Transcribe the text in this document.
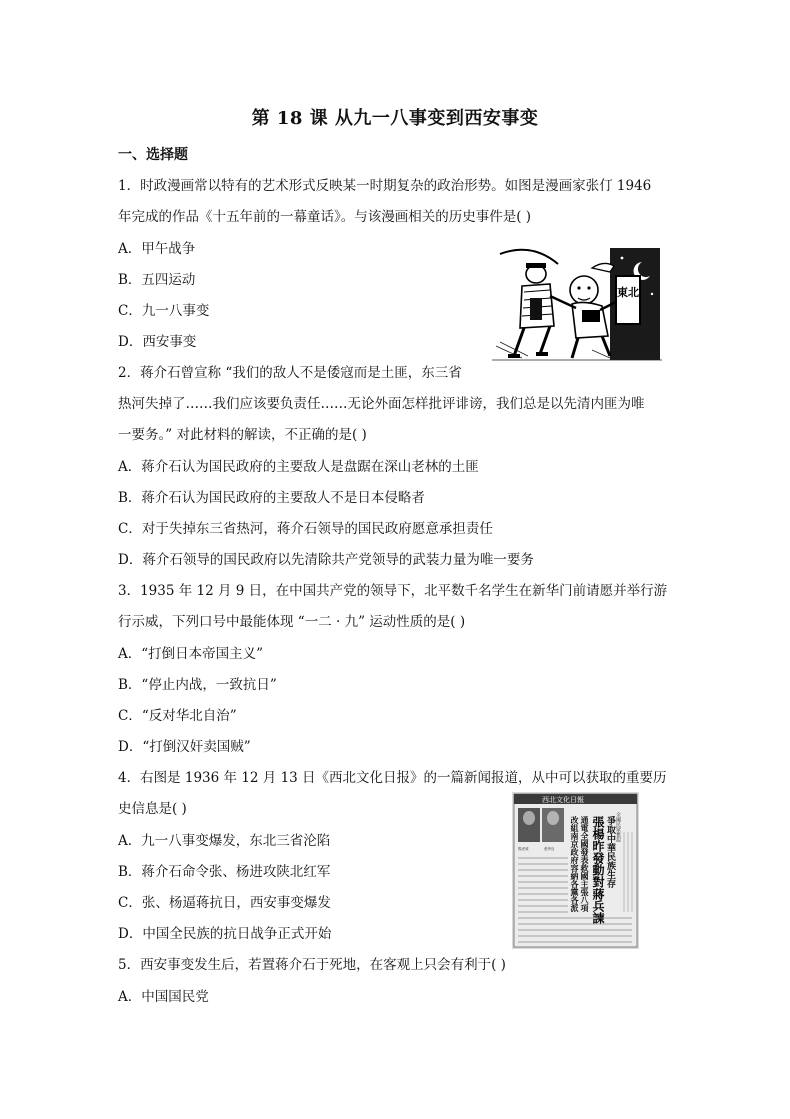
第 18 课 从九一八事变到西安事变
一、选择题
1．时政漫画常以特有的艺术形式反映某一时期复杂的政治形势。如图是漫画家张仃 1946
年完成的作品《十五年前的一幕童话》。与该漫画相关的历史事件是( )
A．甲午战争
B．五四运动
C．九一八事变
D．西安事变
東北
2．蒋介石曾宣称 “我们的敌人不是倭寇而是土匪，东三省
热河失掉了……我们应该要负责任……无论外面怎样批评诽谤，我们总是以先清内匪为唯
一要务。” 对此材料的解读，不正确的是( )
A．蒋介石认为国民政府的主要敌人是盘踞在深山老林的土匪
B．蒋介石认为国民政府的主要敌人不是日本侵略者
C．对于失掉东三省热河，蒋介石领导的国民政府愿意承担责任
D．蒋介石领导的国民政府以先清除共产党领导的武装力量为唯一要务
3．1935 年 12 月 9 日，在中国共产党的领导下，北平数千名学生在新华门前请愿并举行游
行示威，下列口号中最能体现 “一二 · 九” 运动性质的是( )
A．“打倒日本帝国主义”
B．“停止内战，一致抗日”
C．“反对华北自治”
D．“打倒汉奸卖国贼”
4．右图是 1936 年 12 月 13 日《西北文化日报》的一篇新闻报道，从中可以获取的重要历
史信息是( )
A．九一八事变爆发，东北三省沦陷
B．蒋介石命令张、杨进攻陕北红军
C．张、杨逼蒋抗日，西安事变爆发
D．中国全民族的抗日战争正式开始
西北文化日報
楊虎城	張學良
全國民眾奮起
爭取中華民族生存
張楊昨發動對蔣兵諫
通電全國發表救國主張八項
改組南京政府容納各黨各派
5．西安事变发生后，若置蒋介石于死地，在客观上只会有利于( )
A．中国国民党
